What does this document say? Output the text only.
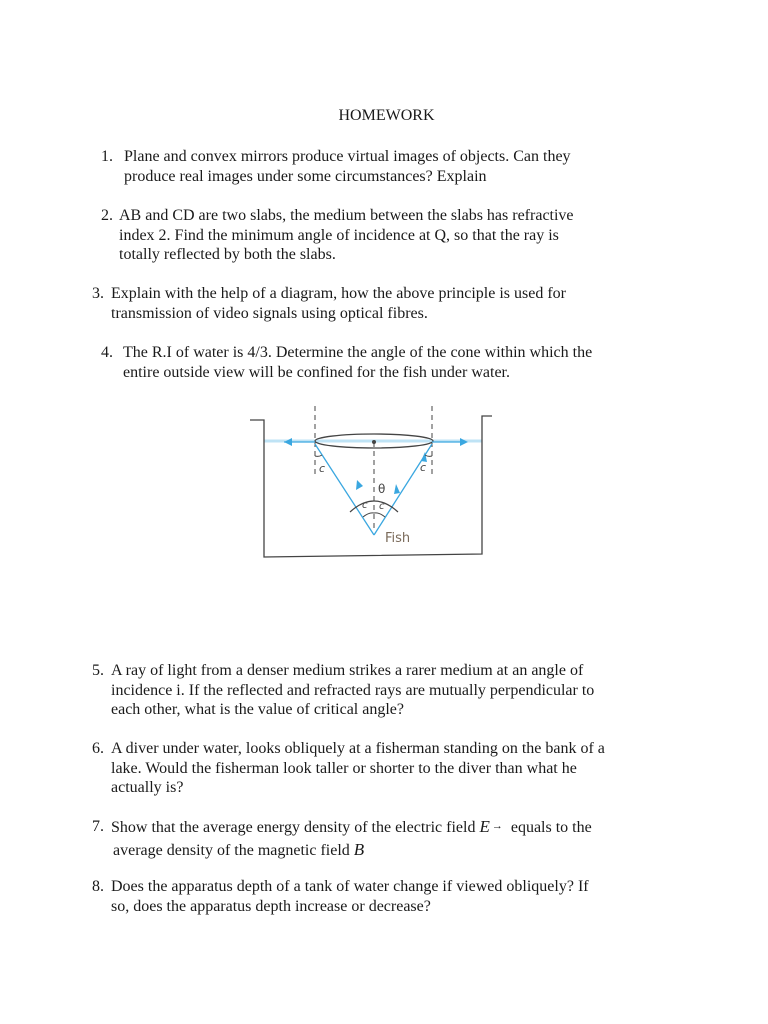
HOMEWORK
1. Plane and convex mirrors produce virtual images of objects. Can they
produce real images under some circumstances? Explain
2. AB and CD are two slabs, the medium between the slabs has refractive
index 2. Find the minimum angle of incidence at Q, so that the ray is
totally reflected by both the slabs.
3. Explain with the help of a diagram, how the above principle is used for
transmission of video signals using optical fibres.
4. The R.I of water is 4/3. Determine the angle of the cone within which the
entire outside view will be confined for the fish under water.
c	c
θ
c c
Fish
5. A ray of light from a denser medium strikes a rarer medium at an angle of
incidence i. If the reflected and refracted rays are mutually perpendicular to
each other, what is the value of critical angle?
6. A diver under water, looks obliquely at a fisherman standing on the bank of a
lake. Would the fisherman look taller or shorter to the diver than what he
actually is?
7. Show that the average energy density of the electric field E → equals to the
average density of the magnetic field B
8. Does the apparatus depth of a tank of water change if viewed obliquely? If
so, does the apparatus depth increase or decrease?
